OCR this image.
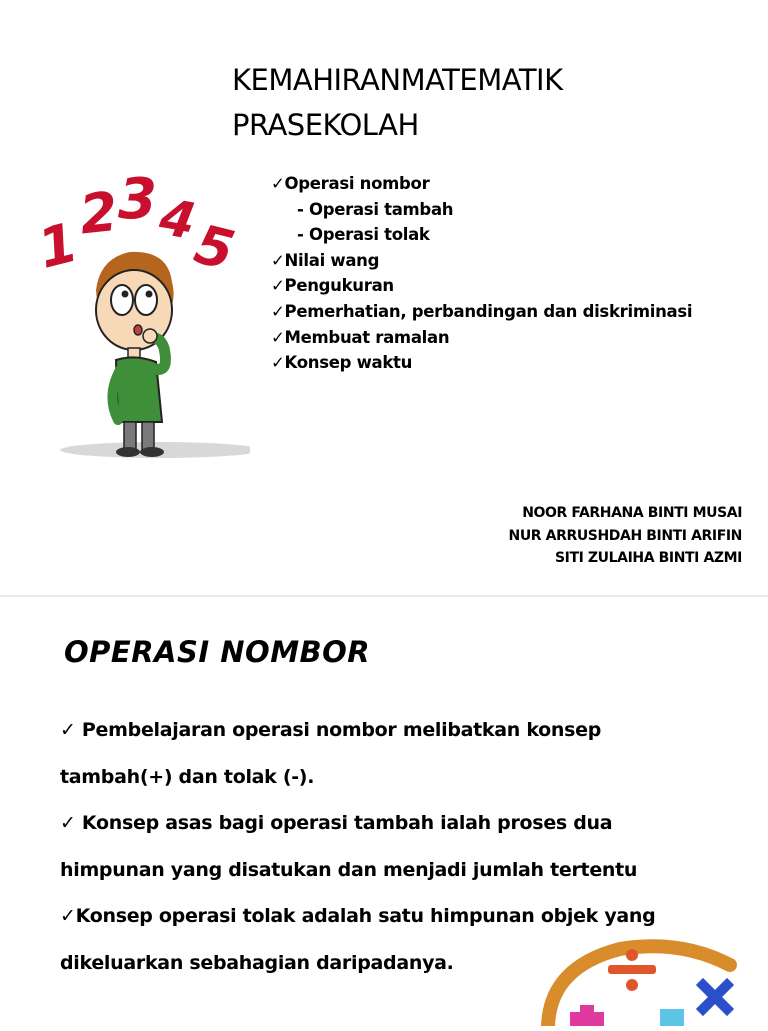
KEMAHIRANMATEMATIK
PRASEKOLAH
1
2
3
4
5
✓Operasi nombor
- Operasi tambah
- Operasi tolak
✓Nilai wang
✓Pengukuran
✓Pemerhatian, perbandingan dan diskriminasi
✓Membuat ramalan
✓Konsep waktu
NOOR FARHANA BINTI MUSAI
NUR ARRUSHDAH BINTI ARIFIN
SITI ZULAIHA BINTI AZMI
OPERASI NOMBOR

✓ Pembelajaran operasi nombor melibatkan konsep

tambah(+) dan tolak (-).

✓ Konsep asas bagi operasi tambah ialah proses dua

himpunan yang disatukan dan menjadi jumlah tertentu

✓Konsep operasi tolak adalah satu himpunan objek yang

dikeluarkan sebahagian daripadanya.
